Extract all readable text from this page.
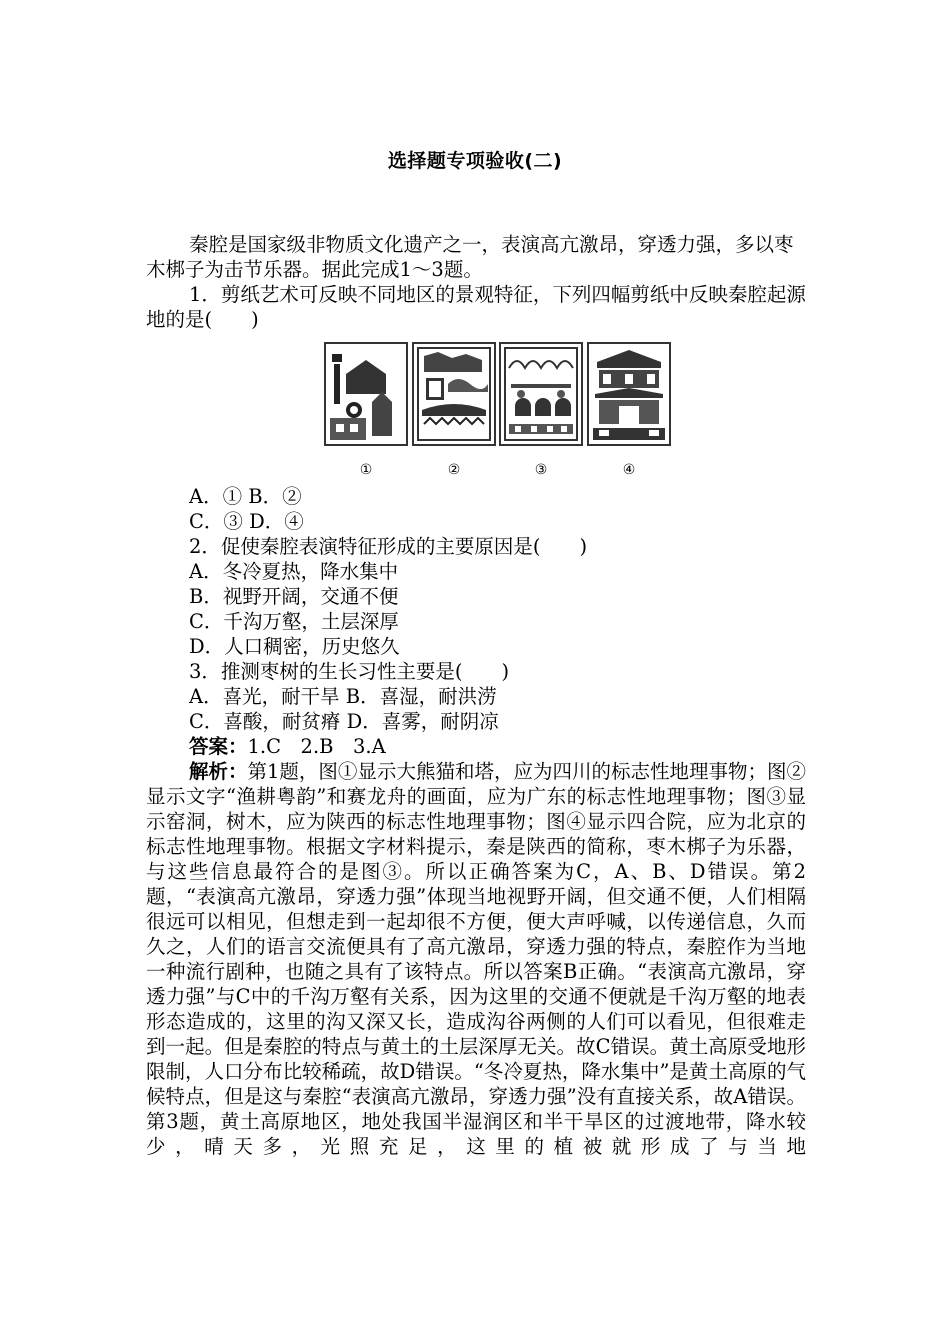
选择题专项验收(二)

秦腔是国家级非物质文化遗产之一，表演高亢激昂，穿透力强，多以枣木梆子为击节乐器。据此完成1～3题。

1．剪纸艺术可反映不同地区的景观特征，下列四幅剪纸中反映秦腔起源地的是(　　)

①	②	③	④

A．① B．②

C．③ D．④

2．促使秦腔表演特征形成的主要原因是(　　)

A．冬冷夏热，降水集中

B．视野开阔，交通不便

C．千沟万壑，土层深厚

D．人口稠密，历史悠久

3．推测枣树的生长习性主要是(　　)

A．喜光，耐干旱 B．喜湿，耐洪涝

C．喜酸，耐贫瘠 D．喜雾，耐阴凉

答案：1.C　2.B　3.A

解析：第1题，图①显示大熊猫和塔，应为四川的标志性地理事物；图②显示文字“渔耕粤韵”和赛龙舟的画面，应为广东的标志性地理事物；图③显示窑洞，树木，应为陕西的标志性地理事物；图④显示四合院，应为北京的标志性地理事物。根据文字材料提示，秦是陕西的简称，枣木梆子为乐器，与这些信息最符合的是图③。所以正确答案为C，A、B、D错误。第2题，“表演高亢激昂，穿透力强”体现当地视野开阔，但交通不便，人们相隔很远可以相见，但想走到一起却很不方便，便大声呼喊，以传递信息，久而久之，人们的语言交流便具有了高亢激昂，穿透力强的特点，秦腔作为当地一种流行剧种，也随之具有了该特点。所以答案B正确。“表演高亢激昂，穿透力强”与C中的千沟万壑有关系，因为这里的交通不便就是千沟万壑的地表形态造成的，这里的沟又深又长，造成沟谷两侧的人们可以看见，但很难走到一起。但是秦腔的特点与黄土的土层深厚无关。故C错误。黄土高原受地形限制，人口分布比较稀疏，故D错误。“冬冷夏热，降水集中”是黄土高原的气候特点，但是这与秦腔“表演高亢激昂，穿透力强”没有直接关系，故A错误。第3题，黄土高原地区，地处我国半湿润区和半干旱区的过渡地带，降水较少，晴天多，光照充足，这里的植被就形成了与当地
